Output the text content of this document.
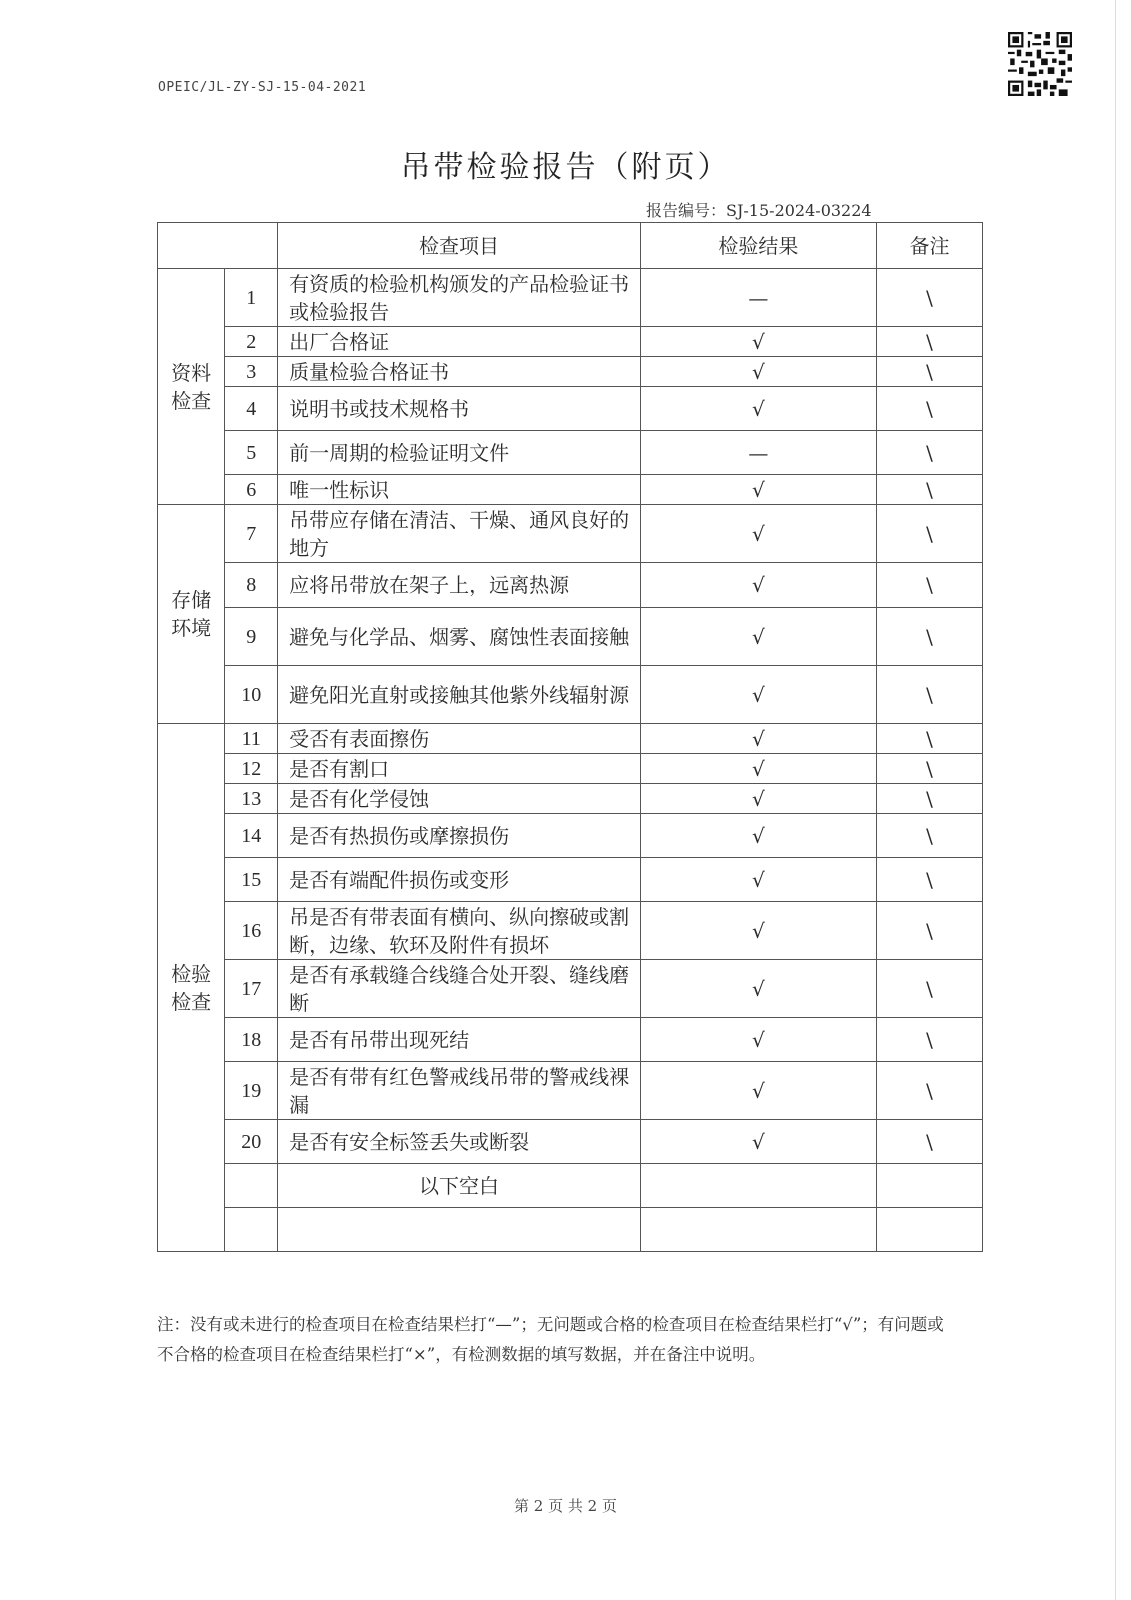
OPEIC/JL-ZY-SJ-15-04-2021
吊带检验报告（附页）
报告编号：SJ-15-2024-03224
		检查项目	检验结果	备注
资料
检查	1	有资质的检验机构颁发的产品检验证书或检验报告	—	\
	2	出厂合格证	√	\
	3	质量检验合格证书	√	\
	4	说明书或技术规格书	√	\
	5	前一周期的检验证明文件	—	\
	6	唯一性标识	√	\
存储
环境	7	吊带应存储在清洁、干燥、通风良好的地方	√	\
	8	应将吊带放在架子上，远离热源	√	\
	9	避免与化学品、烟雾、腐蚀性表面接触	√	\
	10	避免阳光直射或接触其他紫外线辐射源	√	\
检验
检查	11	受否有表面擦伤	√	\
	12	是否有割口	√	\
	13	是否有化学侵蚀	√	\
	14	是否有热损伤或摩擦损伤	√	\
	15	是否有端配件损伤或变形	√	\
	16	吊是否有带表面有横向、纵向擦破或割断，边缘、软环及附件有损坏	√	\
	17	是否有承载缝合线缝合处开裂、缝线磨断	√	\
	18	是否有吊带出现死结	√	\
	19	是否有带有红色警戒线吊带的警戒线裸漏	√	\
	20	是否有安全标签丢失或断裂	√	\
		以下空白		

注：没有或未进行的检查项目在检查结果栏打“—”；无问题或合格的检查项目在检查结果栏打“√”；有问题或不合格的检查项目在检查结果栏打“×”，有检测数据的填写数据，并在备注中说明。
第 2 页 共 2 页
